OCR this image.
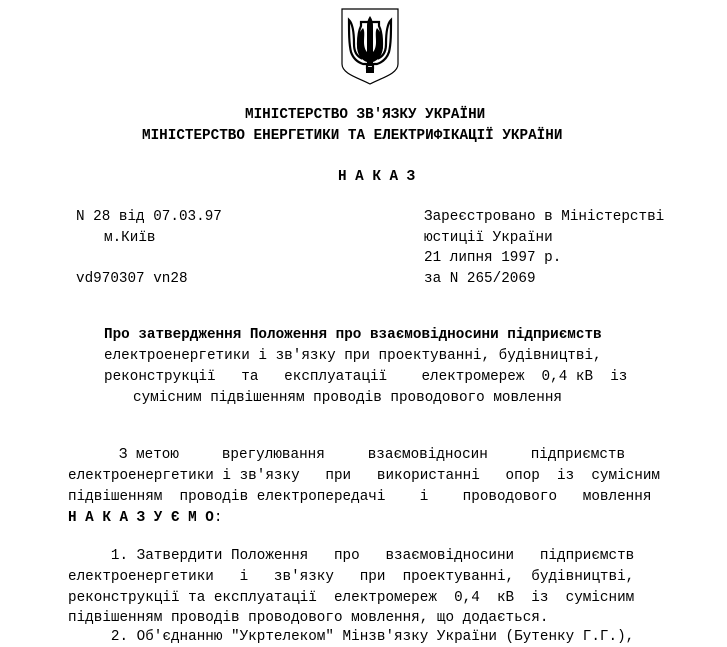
МІНІСТЕРСТВО ЗВ'ЯЗКУ УКРАЇНИ
МІНІСТЕРСТВО ЕНЕРГЕТИКИ ТА ЕЛЕКТРИФІКАЦІЇ УКРАЇНИ
Н А К А З
N 28 від 07.03.97
м.Київ
vd970307 vn28
Зареєстровано в Міністерстві
юстиції України
21 липня 1997 р.
за N 265/2069
Про затвердження Положення про взаємовідносини підприємств
електроенергетики і зв'язку при проектуванні, будівництві,
реконструкції   та   експлуатації    електромереж  0,4 кВ  із
сумісним підвішенням проводів проводового мовлення
З метою     врегулювання     взаємовідносин     підприємств
електроенергетики і зв'язку   при   використанні   опор  із  сумісним
підвішенням  проводів електропередачі    і    проводового   мовлення
Н А К А З У Є М О:
1. Затвердити Положення   про   взаємовідносини   підприємств
електроенергетики   і   зв'язку   при  проектуванні,  будівництві,
реконструкції та експлуатації  електромереж  0,4  кВ  із  сумісним
підвішенням проводів проводового мовлення, що додається.
2. Об'єднанню "Укртелеком" Мінзв'язку України (Бутенку Г.Г.),
